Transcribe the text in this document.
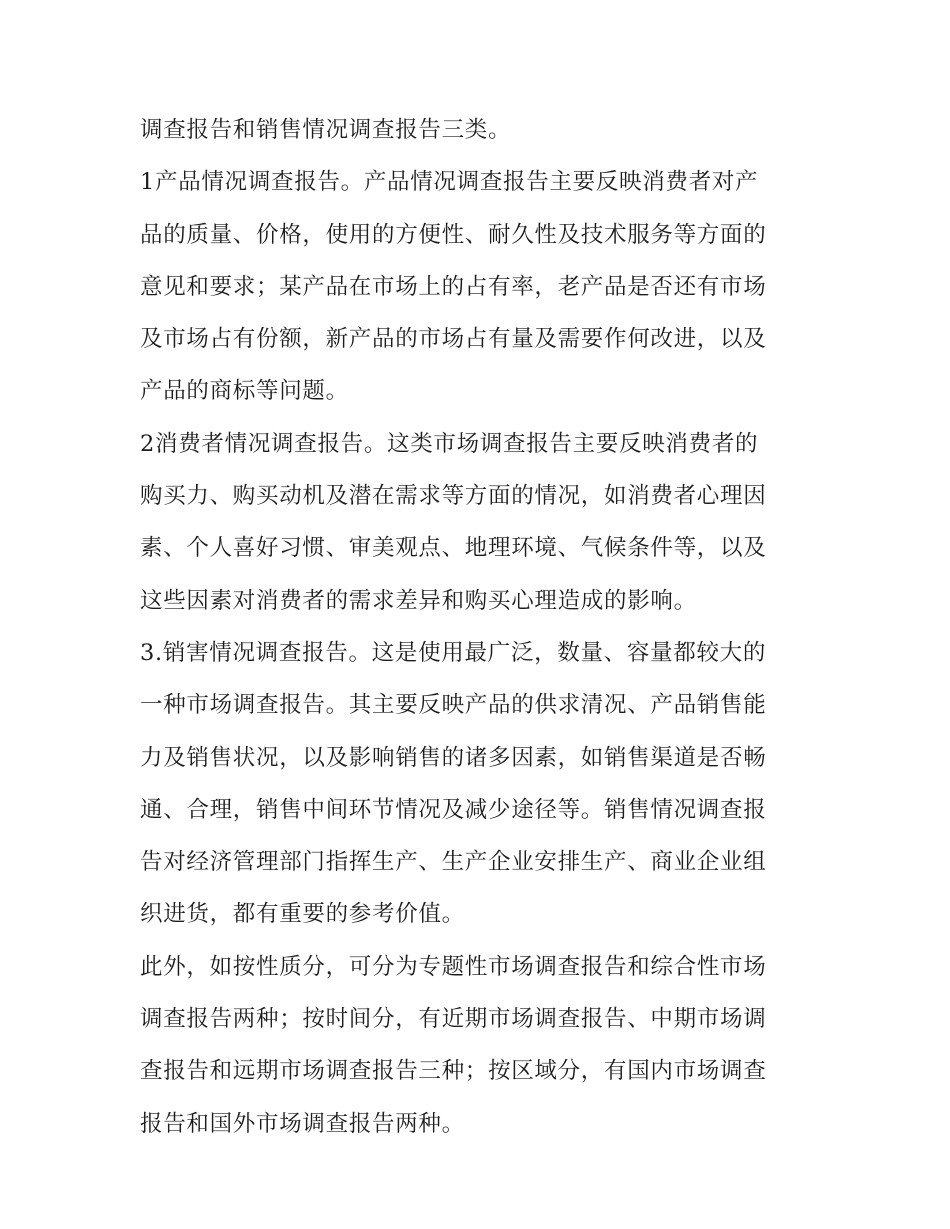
调查报告和销售情况调查报告三类。
1产品情况调查报告。产品情况调查报告主要反映消费者对产
品的质量、价格，使用的方便性、耐久性及技术服务等方面的
意见和要求；某产品在市场上的占有率，老产品是否还有市场
及市场占有份额，新产品的市场占有量及需要作何改进，以及
产品的商标等问题。
2消费者情况调查报告。这类市场调查报告主要反映消费者的
购买力、购买动机及潜在需求等方面的情况，如消费者心理因
素、个人喜好习惯、审美观点、地理环境、气候条件等，以及
这些因素对消费者的需求差异和购买心理造成的影响。
3.销害情况调查报告。这是使用最广泛，数量、容量都较大的
一种市场调查报告。其主要反映产品的供求清况、产品销售能
力及销售状况，以及影响销售的诸多因素，如销售渠道是否畅
通、合理，销售中间环节情况及减少途径等。销售情况调查报
告对经济管理部门指挥生产、生产企业安排生产、商业企业组
织进货，都有重要的参考价值。
此外，如按性质分，可分为专题性市场调查报告和综合性市场
调查报告两种；按时间分，有近期市场调查报告、中期市场调
查报告和远期市场调查报告三种；按区域分，有国内市场调查
报告和国外市场调查报告两种。
